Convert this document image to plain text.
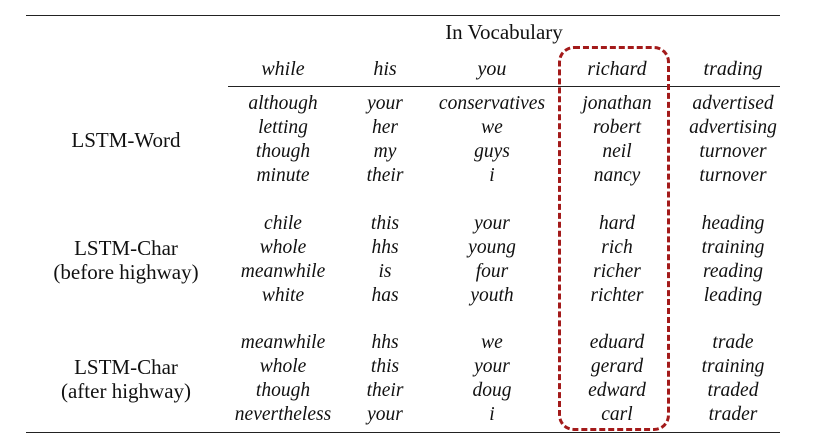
In Vocabulary
while	his	you	richard	trading
LSTM-Word
although	your	conservatives	jonathan	advertised
letting	her	we	robert	advertising
though	my	guys	neil	turnover
minute	their	i	nancy	turnover
LSTM-Char
(before highway)
chile	this	your	hard	heading
whole	hhs	young	rich	training
meanwhile	is	four	richer	reading
white	has	youth	richter	leading
LSTM-Char
(after highway)
meanwhile	hhs	we	eduard	trade
whole	this	your	gerard	training
though	their	doug	edward	traded
nevertheless	your	i	carl	trader
